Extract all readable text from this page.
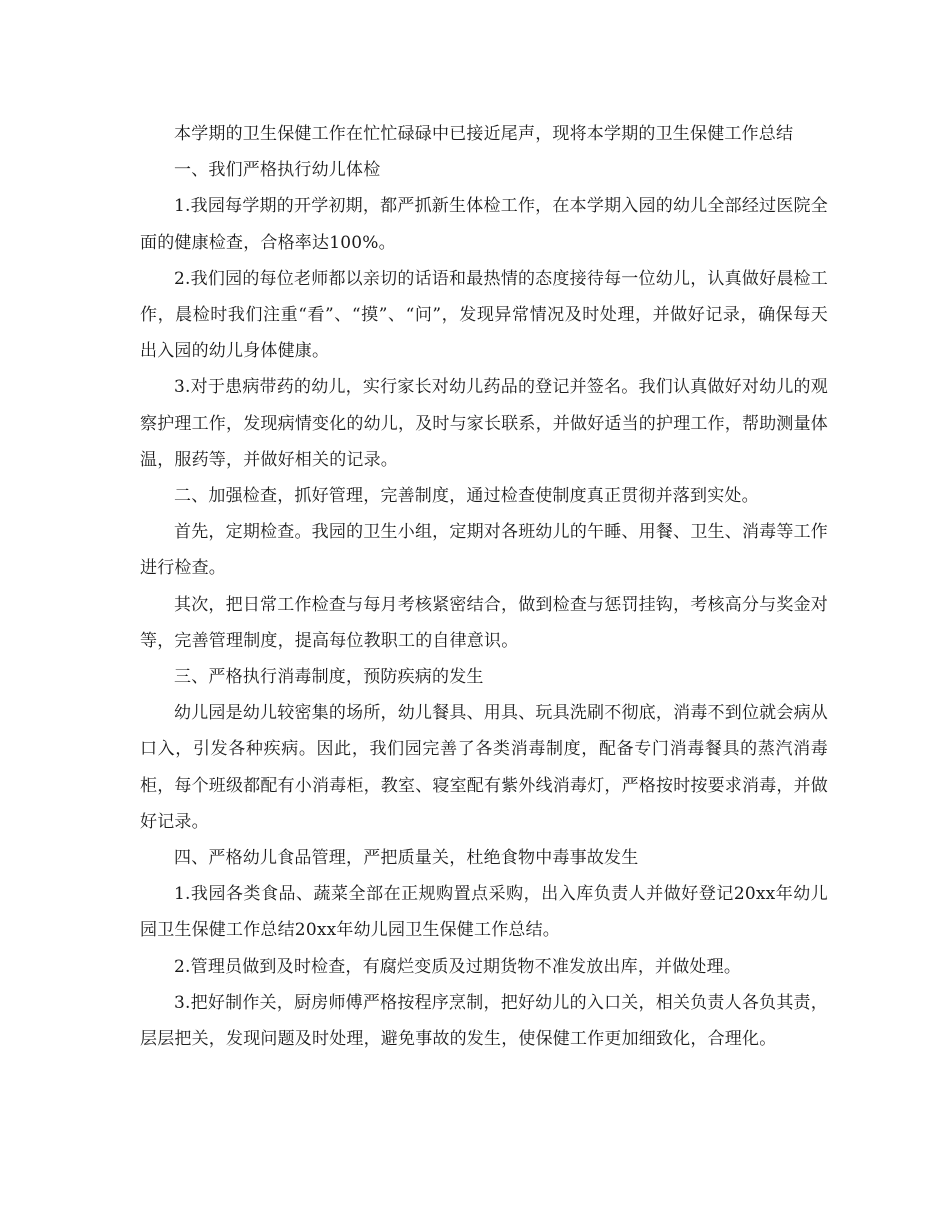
本学期的卫生保健工作在忙忙碌碌中已接近尾声，现将本学期的卫生保健工作总结

一、我们严格执行幼儿体检

1.我园每学期的开学初期，都严抓新生体检工作，在本学期入园的幼儿全部经过医院全面的健康检查，合格率达100%。

2.我们园的每位老师都以亲切的话语和最热情的态度接待每一位幼儿，认真做好晨检工作，晨检时我们注重“看”、“摸”、“问”，发现异常情况及时处理，并做好记录，确保每天出入园的幼儿身体健康。

3.对于患病带药的幼儿，实行家长对幼儿药品的登记并签名。我们认真做好对幼儿的观察护理工作，发现病情变化的幼儿，及时与家长联系，并做好适当的护理工作，帮助测量体温，服药等，并做好相关的记录。

二、加强检查，抓好管理，完善制度，通过检查使制度真正贯彻并落到实处。

首先，定期检查。我园的卫生小组，定期对各班幼儿的午睡、用餐、卫生、消毒等工作进行检查。

其次，把日常工作检查与每月考核紧密结合，做到检查与惩罚挂钩，考核高分与奖金对等，完善管理制度，提高每位教职工的自律意识。

三、严格执行消毒制度，预防疾病的发生

幼儿园是幼儿较密集的场所，幼儿餐具、用具、玩具洗刷不彻底，消毒不到位就会病从口入，引发各种疾病。因此，我们园完善了各类消毒制度，配备专门消毒餐具的蒸汽消毒柜，每个班级都配有小消毒柜，教室、寝室配有紫外线消毒灯，严格按时按要求消毒，并做好记录。

四、严格幼儿食品管理，严把质量关，杜绝食物中毒事故发生

1.我园各类食品、蔬菜全部在正规购置点采购，出入库负责人并做好登记20xx年幼儿园卫生保健工作总结20xx年幼儿园卫生保健工作总结。

2.管理员做到及时检查，有腐烂变质及过期货物不准发放出库，并做处理。

3.把好制作关，厨房师傅严格按程序烹制，把好幼儿的入口关，相关负责人各负其责，层层把关，发现问题及时处理，避免事故的发生，使保健工作更加细致化，合理化。
